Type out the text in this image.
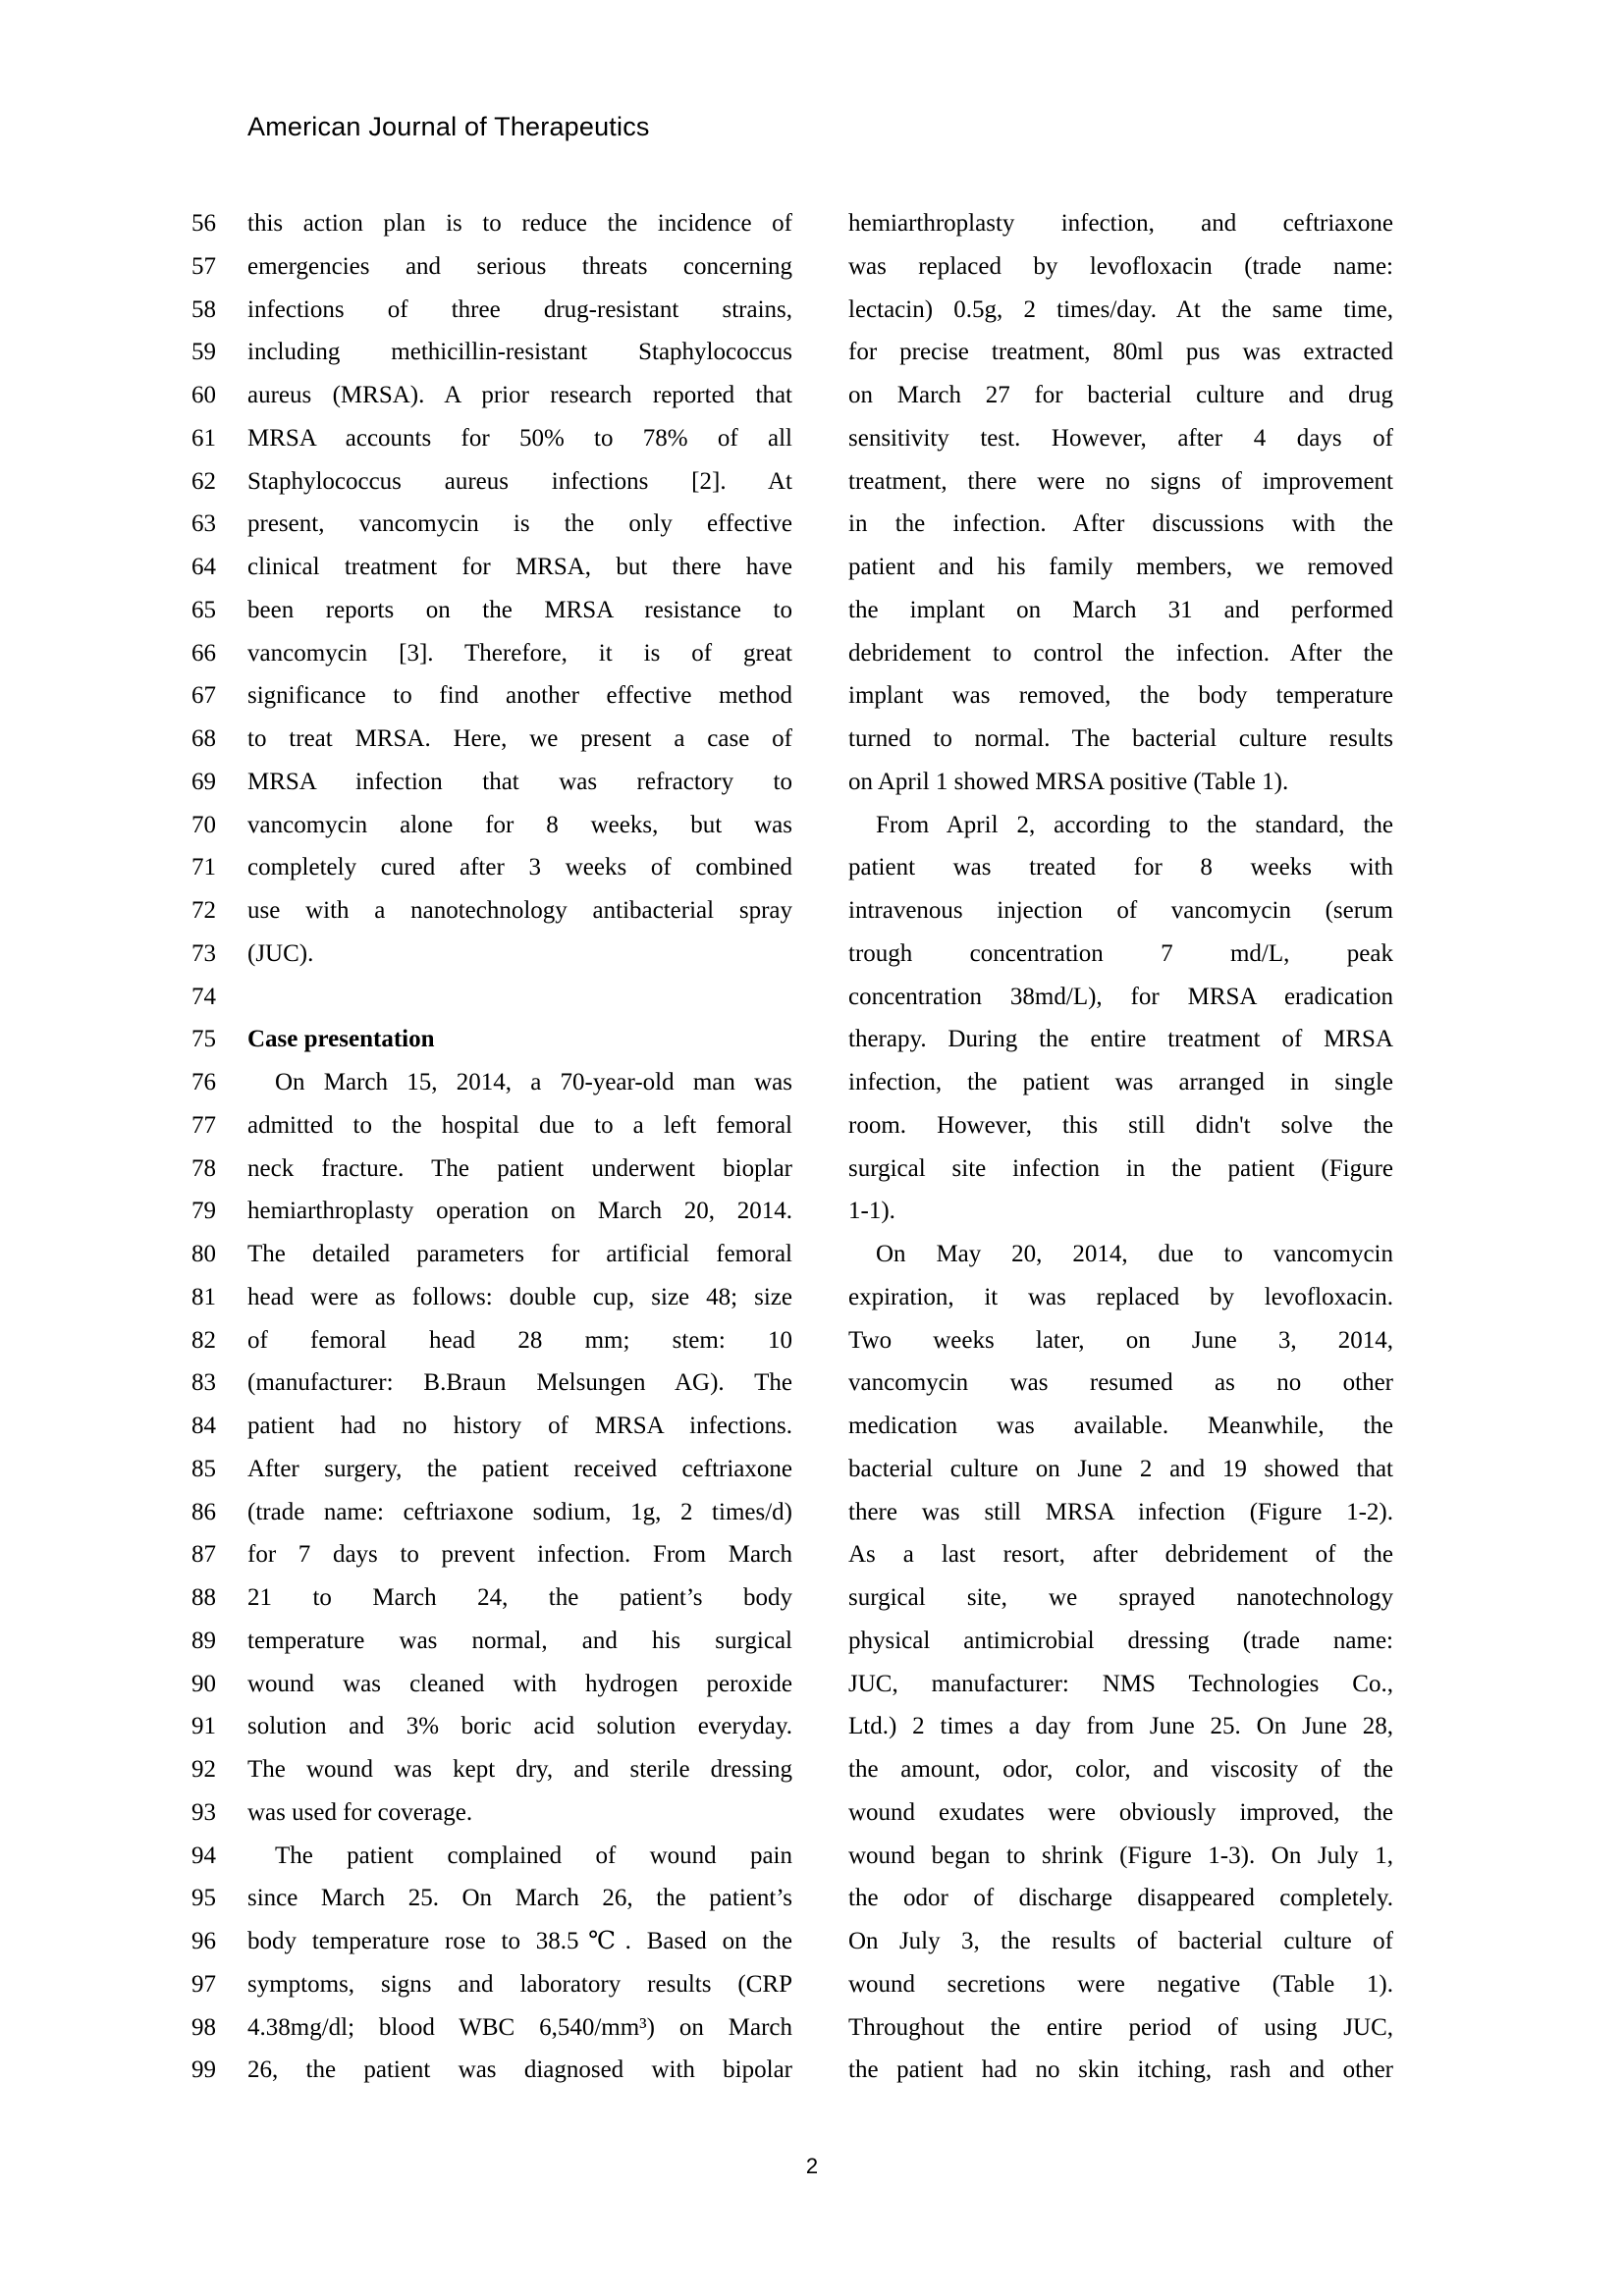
American Journal of Therapeutics
56
57
58
59
60
61
62
63
64
65
66
67
68
69
70
71
72
73
74
75
76
77
78
79
80
81
82
83
84
85
86
87
88
89
90
91
92
93
94
95
96
97
98
99
this action plan is to reduce the incidence of
emergencies and serious threats concerning
infections of three drug-resistant strains,
including methicillin-resistant Staphylococcus
aureus (MRSA). A prior research reported that
MRSA accounts for 50% to 78% of all
Staphylococcus aureus infections [2]. At
present, vancomycin is the only effective
clinical treatment for MRSA, but there have
been reports on the MRSA resistance to
vancomycin [3]. Therefore, it is of great
significance to find another effective method
to treat MRSA. Here, we present a case of
MRSA infection that was refractory to
vancomycin alone for 8 weeks, but was
completely cured after 3 weeks of combined
use with a nanotechnology antibacterial spray
(JUC).
Case presentation
On March 15, 2014, a 70-year-old man was
admitted to the hospital due to a left femoral
neck fracture. The patient underwent bioplar
hemiarthroplasty operation on March 20, 2014.
The detailed parameters for artificial femoral
head were as follows: double cup, size 48; size
of femoral head 28 mm; stem: 10
(manufacturer: B.Braun Melsungen AG). The
patient had no history of MRSA infections.
After surgery, the patient received ceftriaxone
(trade name: ceftriaxone sodium, 1g, 2 times/d)
for 7 days to prevent infection. From March
21 to March 24, the patient’s body
temperature was normal, and his surgical
wound was cleaned with hydrogen peroxide
solution and 3% boric acid solution everyday.
The wound was kept dry, and sterile dressing
was used for coverage.
The patient complained of wound pain
since March 25. On March 26, the patient’s
body temperature rose to 38.5℃. Based on the
symptoms, signs and laboratory results (CRP
4.38mg/dl; blood WBC 6,540/mm³) on March
26, the patient was diagnosed with bipolar
hemiarthroplasty infection, and ceftriaxone
was replaced by levofloxacin (trade name:
lectacin) 0.5g, 2 times/day. At the same time,
for precise treatment, 80ml pus was extracted
on March 27 for bacterial culture and drug
sensitivity test. However, after 4 days of
treatment, there were no signs of improvement
in the infection. After discussions with the
patient and his family members, we removed
the implant on March 31 and performed
debridement to control the infection. After the
implant was removed, the body temperature
turned to normal. The bacterial culture results
on April 1 showed MRSA positive (Table 1).
From April 2, according to the standard, the
patient was treated for 8 weeks with
intravenous injection of vancomycin (serum
trough concentration 7 md/L, peak
concentration 38md/L), for MRSA eradication
therapy. During the entire treatment of MRSA
infection, the patient was arranged in single
room. However, this still didn't solve the
surgical site infection in the patient (Figure
1-1).
On May 20, 2014, due to vancomycin
expiration, it was replaced by levofloxacin.
Two weeks later, on June 3, 2014,
vancomycin was resumed as no other
medication was available. Meanwhile, the
bacterial culture on June 2 and 19 showed that
there was still MRSA infection (Figure 1-2).
As a last resort, after debridement of the
surgical site, we sprayed nanotechnology
physical antimicrobial dressing (trade name:
JUC, manufacturer: NMS Technologies Co.,
Ltd.) 2 times a day from June 25. On June 28,
the amount, odor, color, and viscosity of the
wound exudates were obviously improved, the
wound began to shrink (Figure 1-3). On July 1,
the odor of discharge disappeared completely.
On July 3, the results of bacterial culture of
wound secretions were negative (Table 1).
Throughout the entire period of using JUC,
the patient had no skin itching, rash and other
2
